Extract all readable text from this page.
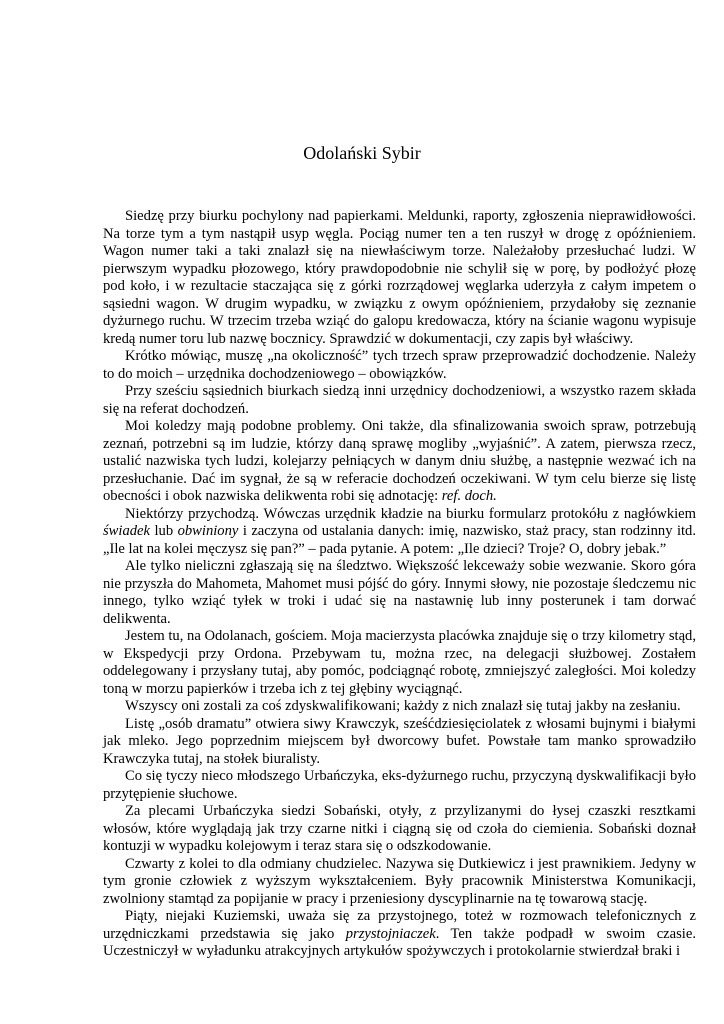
Odolański Sybir

Siedzę przy biurku pochylony nad papierkami. Meldunki, raporty, zgłoszenia nieprawidłowości. Na torze tym a tym nastąpił usyp węgla. Pociąg numer ten a ten ruszył w drogę z opóźnieniem. Wagon numer taki a taki znalazł się na niewłaściwym torze. Należałoby przesłuchać ludzi. W pierwszym wypadku płozowego, który prawdopodobnie nie schylił się w porę, by podłożyć płozę pod koło, i w rezultacie staczająca się z górki rozrządowej węglarka uderzyła z całym impetem o sąsiedni wagon. W drugim wypadku, w związku z owym opóźnieniem, przydałoby się zeznanie dyżurnego ruchu. W trzecim trzeba wziąć do galopu kredowacza, który na ścianie wagonu wypisuje kredą numer toru lub nazwę bocznicy. Sprawdzić w dokumentacji, czy zapis był właściwy.

Krótko mówiąc, muszę „na okoliczność” tych trzech spraw przeprowadzić dochodzenie. Należy to do moich – urzędnika dochodzeniowego – obowiązków.

Przy sześciu sąsiednich biurkach siedzą inni urzędnicy dochodzeniowi, a wszystko razem składa się na referat dochodzeń.

Moi koledzy mają podobne problemy. Oni także, dla sfinalizowania swoich spraw, potrzebują zeznań, potrzebni są im ludzie, którzy daną sprawę mogliby „wyjaśnić”. A zatem, pierwsza rzecz, ustalić nazwiska tych ludzi, kolejarzy pełniących w danym dniu służbę, a następnie wezwać ich na przesłuchanie. Dać im sygnał, że są w referacie dochodzeń oczekiwani. W tym celu bierze się listę obecności i obok nazwiska delikwenta robi się adnotację: ref. doch.

Niektórzy przychodzą. Wówczas urzędnik kładzie na biurku formularz protokółu z nagłówkiem świadek lub obwiniony i zaczyna od ustalania danych: imię, nazwisko, staż pracy, stan rodzinny itd. „Ile lat na kolei męczysz się pan?” – pada pytanie. A potem: „Ile dzieci? Troje? O, dobry jebak.”

Ale tylko nieliczni zgłaszają się na śledztwo. Większość lekceważy sobie wezwanie. Skoro góra nie przyszła do Mahometa, Mahomet musi pójść do góry. Innymi słowy, nie pozostaje śledczemu nic innego, tylko wziąć tyłek w troki i udać się na nastawnię lub inny posterunek i tam dorwać delikwenta.

Jestem tu, na Odolanach, gościem. Moja macierzysta placówka znajduje się o trzy kilometry stąd, w Ekspedycji przy Ordona. Przebywam tu, można rzec, na delegacji służbowej. Zostałem oddelegowany i przysłany tutaj, aby pomóc, podciągnąć robotę, zmniejszyć zaległości. Moi koledzy toną w morzu papierków i trzeba ich z tej głębiny wyciągnąć.

Wszyscy oni zostali za coś zdyskwalifikowani; każdy z nich znalazł się tutaj jakby na zesłaniu.

Listę „osób dramatu” otwiera siwy Krawczyk, sześćdziesięciolatek z włosami bujnymi i białymi jak mleko. Jego poprzednim miejscem był dworcowy bufet. Powstałe tam manko sprowadziło Krawczyka tutaj, na stołek biuralisty.

Co się tyczy nieco młodszego Urbańczyka, eks-dyżurnego ruchu, przyczyną dyskwalifikacji było przytępienie słuchowe.

Za plecami Urbańczyka siedzi Sobański, otyły, z przylizanymi do łysej czaszki resztkami włosów, które wyglądają jak trzy czarne nitki i ciągną się od czoła do ciemienia. Sobański doznał kontuzji w wypadku kolejowym i teraz stara się o odszkodowanie.

Czwarty z kolei to dla odmiany chudzielec. Nazywa się Dutkiewicz i jest prawnikiem. Jedyny w tym gronie człowiek z wyższym wykształceniem. Były pracownik Ministerstwa Komunikacji, zwolniony stamtąd za popijanie w pracy i przeniesiony dyscyplinarnie na tę towarową stację.

Piąty, niejaki Kuziemski, uważa się za przystojnego, toteż w rozmowach telefonicznych z urzędniczkami przedstawia się jako przystojniaczek. Ten także podpadł w swoim czasie. Uczestniczył w wyładunku atrakcyjnych artykułów spożywczych i protokolarnie stwierdzał braki i
